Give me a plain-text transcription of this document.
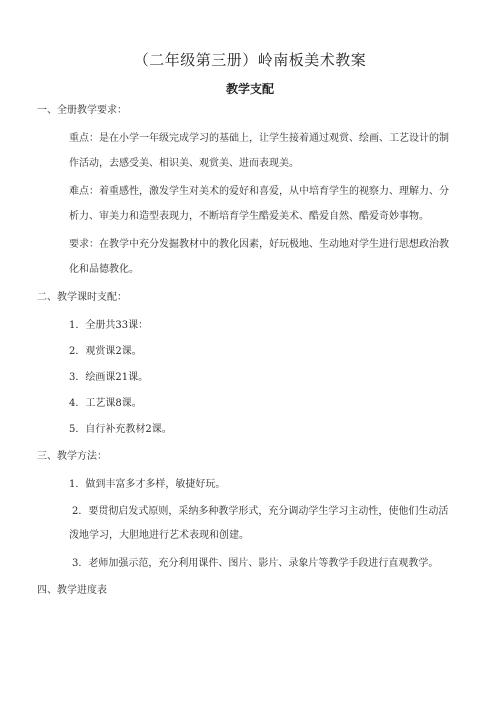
（二年级第三册）岭南板美术教案
教学支配
一、全册教学要求：
重点：是在小学一年级完成学习的基础上，让学生接着通过观赏、绘画、工艺设计的制
作活动，去感受美、相识美、观赏美、进而表现美。
难点：着重感性，激发学生对美术的爱好和喜爱，从中培育学生的视察力、理解力、分
析力、审美力和造型表现力，不断培育学生酷爱美术、酷爱自然、酷爱奇妙事物。
要求：在教学中充分发掘教材中的教化因素，好玩极地、生动地对学生进行思想政治教
化和品德教化。
二、教学课时支配：
1．全册共33课：
2．观赏课2课。
3．绘画课21课。
4．工艺课8课。
5．自行补充教材2课。
三、教学方法：
1．做到丰富多才多样，敏捷好玩。
2．要贯彻启发式原则，采纳多种教学形式，充分调动学生学习主动性，使他们生动活
泼地学习，大胆地进行艺术表现和创建。
3．老师加强示范，充分利用课件、图片、影片、录象片等教学手段进行直观教学。
四、教学进度表
